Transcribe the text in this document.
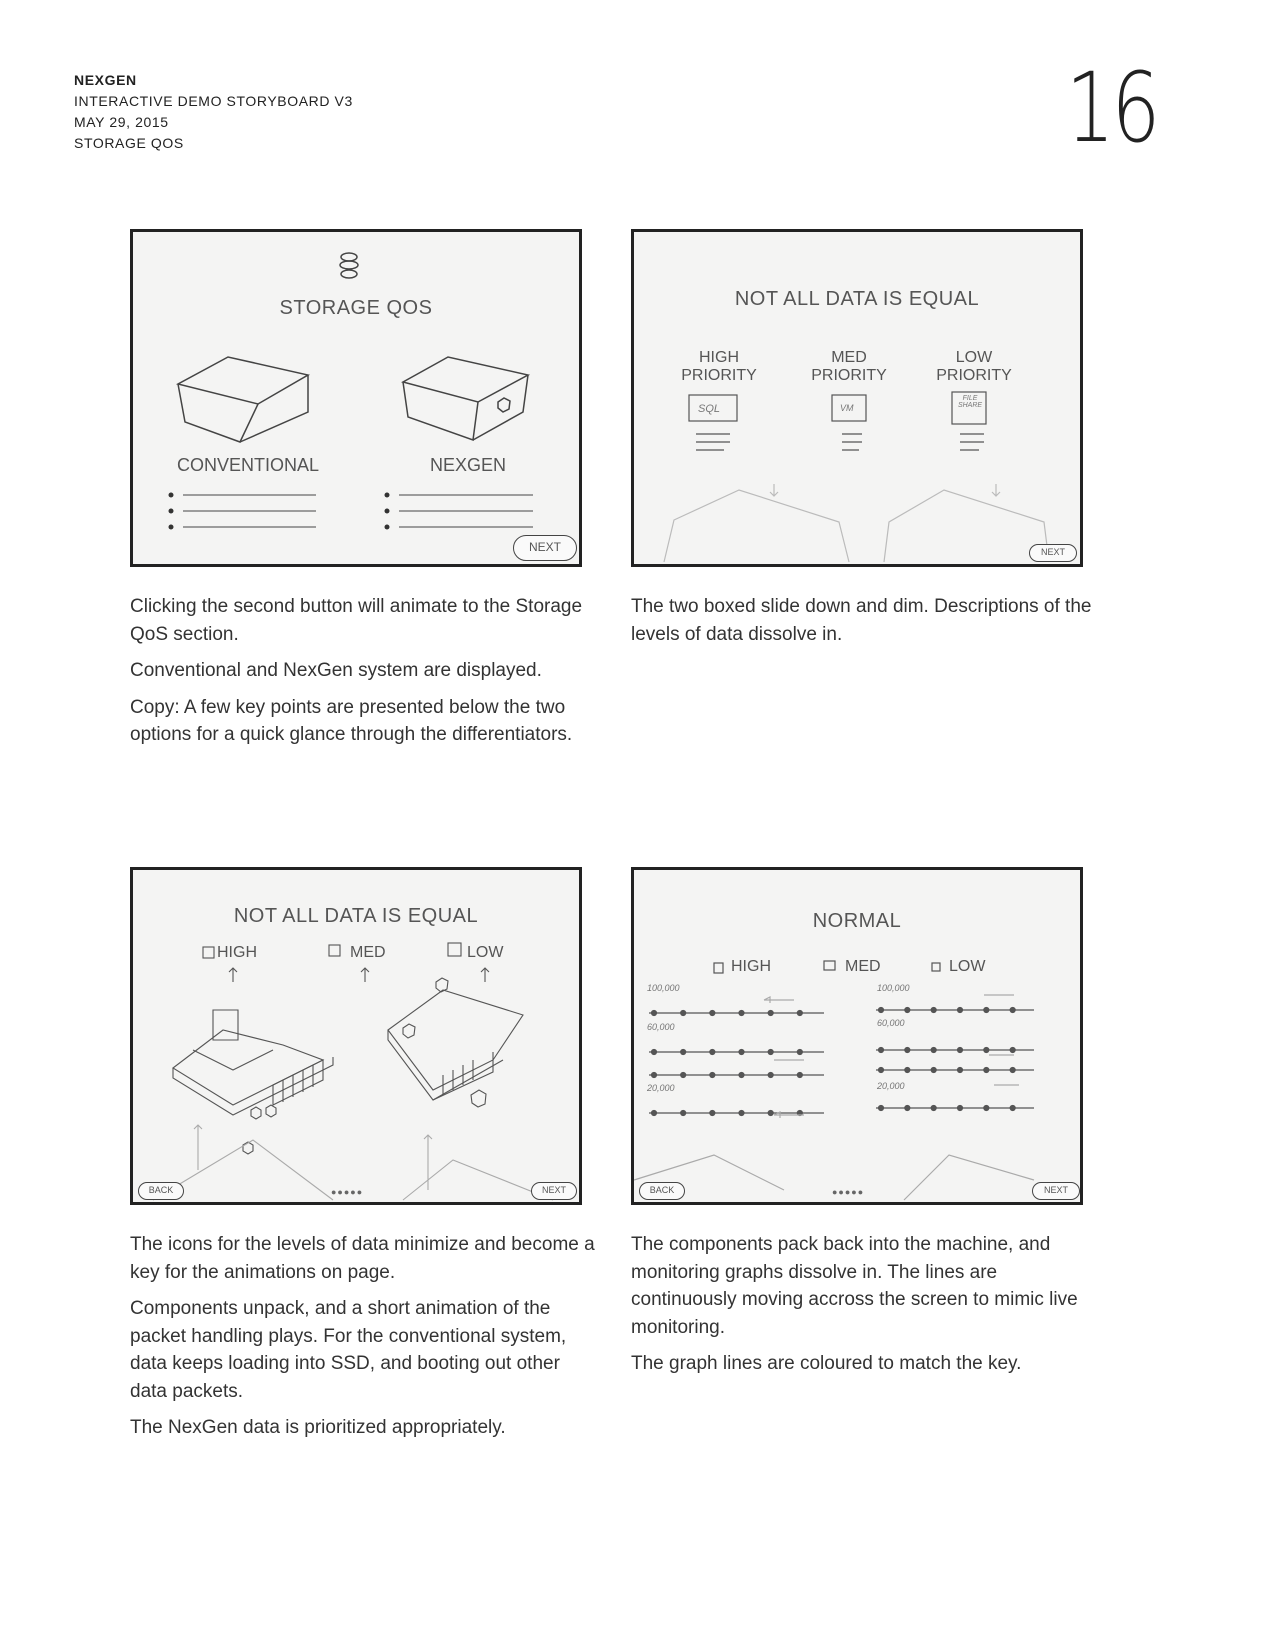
NEXGEN
INTERACTIVE DEMO STORYBOARD V3
MAY 29, 2015
STORAGE QOS	16
STORAGE QOS
CONVENTIONAL	NEXGEN
NEXT

Clicking the second button will animate to the Storage QoS section.

Conventional and NexGen system are displayed.

Copy: A few key points are presented below the two options for a quick glance through the differentiators.

NOT ALL DATA IS EQUAL
HIGH PRIORITY
MED PRIORITY
LOW PRIORITY
SQL	VM
FILE SHARE
NEXT

The two boxed slide down and dim. Descriptions of the levels of data dissolve in.

NOT ALL DATA IS EQUAL
HIGH	MED	LOW
BACK	●●●●●	NEXT

The icons for the levels of data minimize and become a key for the animations on page.

Components unpack, and a short animation of the packet handling plays. For the conventional system, data keeps loading into SSD, and booting out other data packets.

The NexGen data is prioritized appropriately.

NORMAL
HIGH	MED	LOW
100,000
60,000
20,000
100,000
60,000
20,000
BACK	●●●●●	NEXT

The components pack back into the machine, and monitoring graphs dissolve in. The lines are continuously moving accross the screen to mimic live monitoring.

The graph lines are coloured to match the key.
